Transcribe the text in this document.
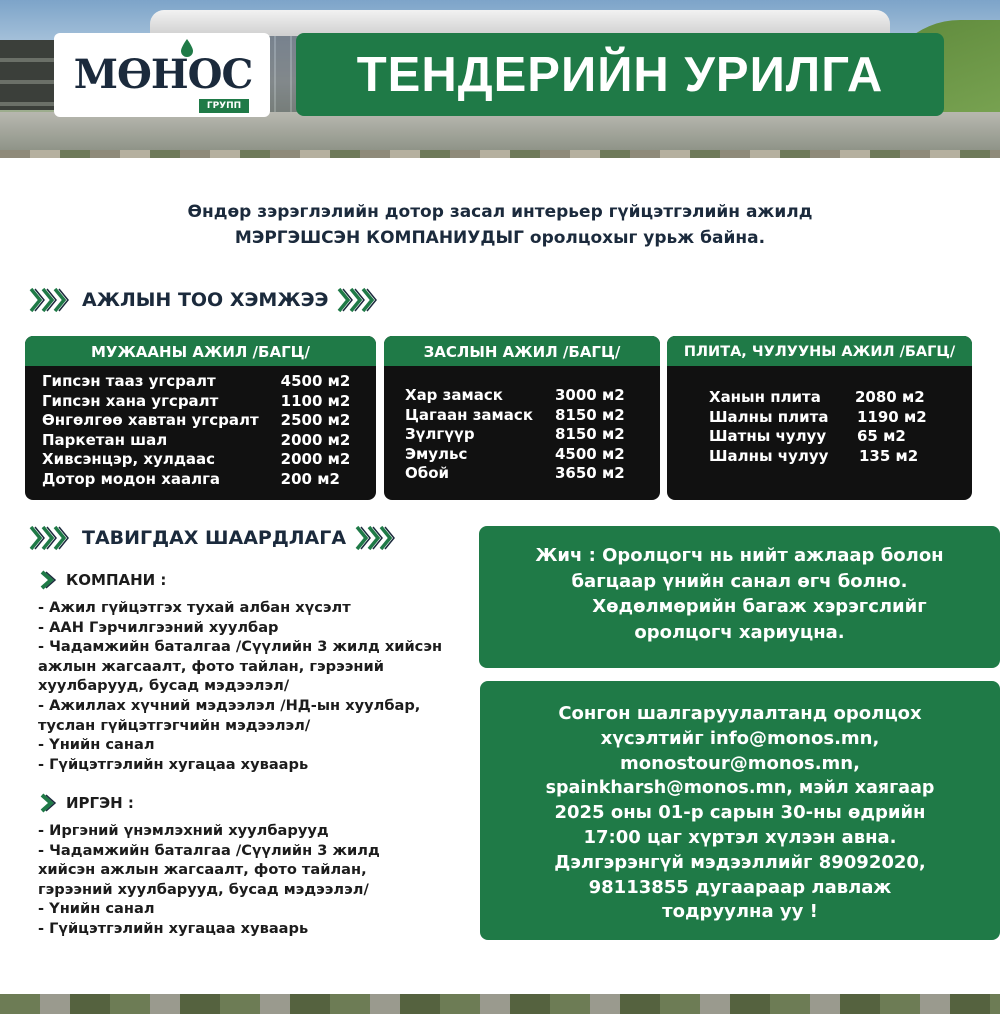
МӨНОС
ГРУПП
ТЕНДЕРИЙН УРИЛГА
Өндөр зэрэглэлийн дотор засал интерьер гүйцэтгэлийн ажилд
МЭРГЭШСЭН КОМПАНИУДЫГ оролцохыг урьж байна.
АЖЛЫН ТОО ХЭМЖЭЭ
МУЖААНЫ АЖИЛ /БАГЦ/
Гипсэн тааз угсралт	4500 м2
Гипсэн хана угсралт	1100 м2
Өнгөлгөө хавтан угсралт	2500 м2
Паркетан шал	2000 м2
Хивсэнцэр, хулдаас	2000 м2
Дотор модон хаалга	200 м2
ЗАСЛЫН АЖИЛ /БАГЦ/
Хар замаск	3000 м2
Цагаан замаск	8150 м2
Зүлгүүр	8150 м2
Эмульс	4500 м2
Обой	3650 м2
ПЛИТА, ЧУЛУУНЫ АЖИЛ /БАГЦ/
Ханын плита	2080 м2
Шалны плита	1190 м2
Шатны чулуу	65 м2
Шалны чулуу	135 м2
ТАВИГДАХ ШААРДЛАГА
КОМПАНИ :
- Ажил гүйцэтгэх тухай албан хүсэлт
- ААН Гэрчилгээний хуулбар
- Чадамжийн баталгаа /Сүүлийн 3 жилд хийсэн
ажлын жагсаалт, фото тайлан, гэрээний
хуулбарууд, бусад мэдээлэл/
- Ажиллах хүчний мэдээлэл /НД-ын хуулбар,
туслан гүйцэтгэгчийн мэдээлэл/
- Үнийн санал
- Гүйцэтгэлийн хугацаа хуваарь
ИРГЭН :
- Иргэний үнэмлэхний хуулбарууд
- Чадамжийн баталгаа /Сүүлийн 3 жилд
хийсэн ажлын жагсаалт, фото тайлан,
гэрээний хуулбарууд, бусад мэдээлэл/
- Үнийн санал
- Гүйцэтгэлийн хугацаа хуваарь

Жич : Оролцогч нь нийт ажлаар болон

багцаар үнийн санал өгч болно.

Хөдөлмөрийн багаж хэрэгслийг

оролцогч хариуцна.

Сонгон шалгаруулалтанд оролцох

хүсэлтийг info@monos.mn,

monostour@monos.mn,

spainkharsh@monos.mn, мэйл хаягаар

2025 оны 01-р сарын 30-ны өдрийн

17:00 цаг хүртэл хүлээн авна.

Дэлгэрэнгүй мэдээллийг 89092020,

98113855 дугаараар лавлаж

тодруулна уу !
